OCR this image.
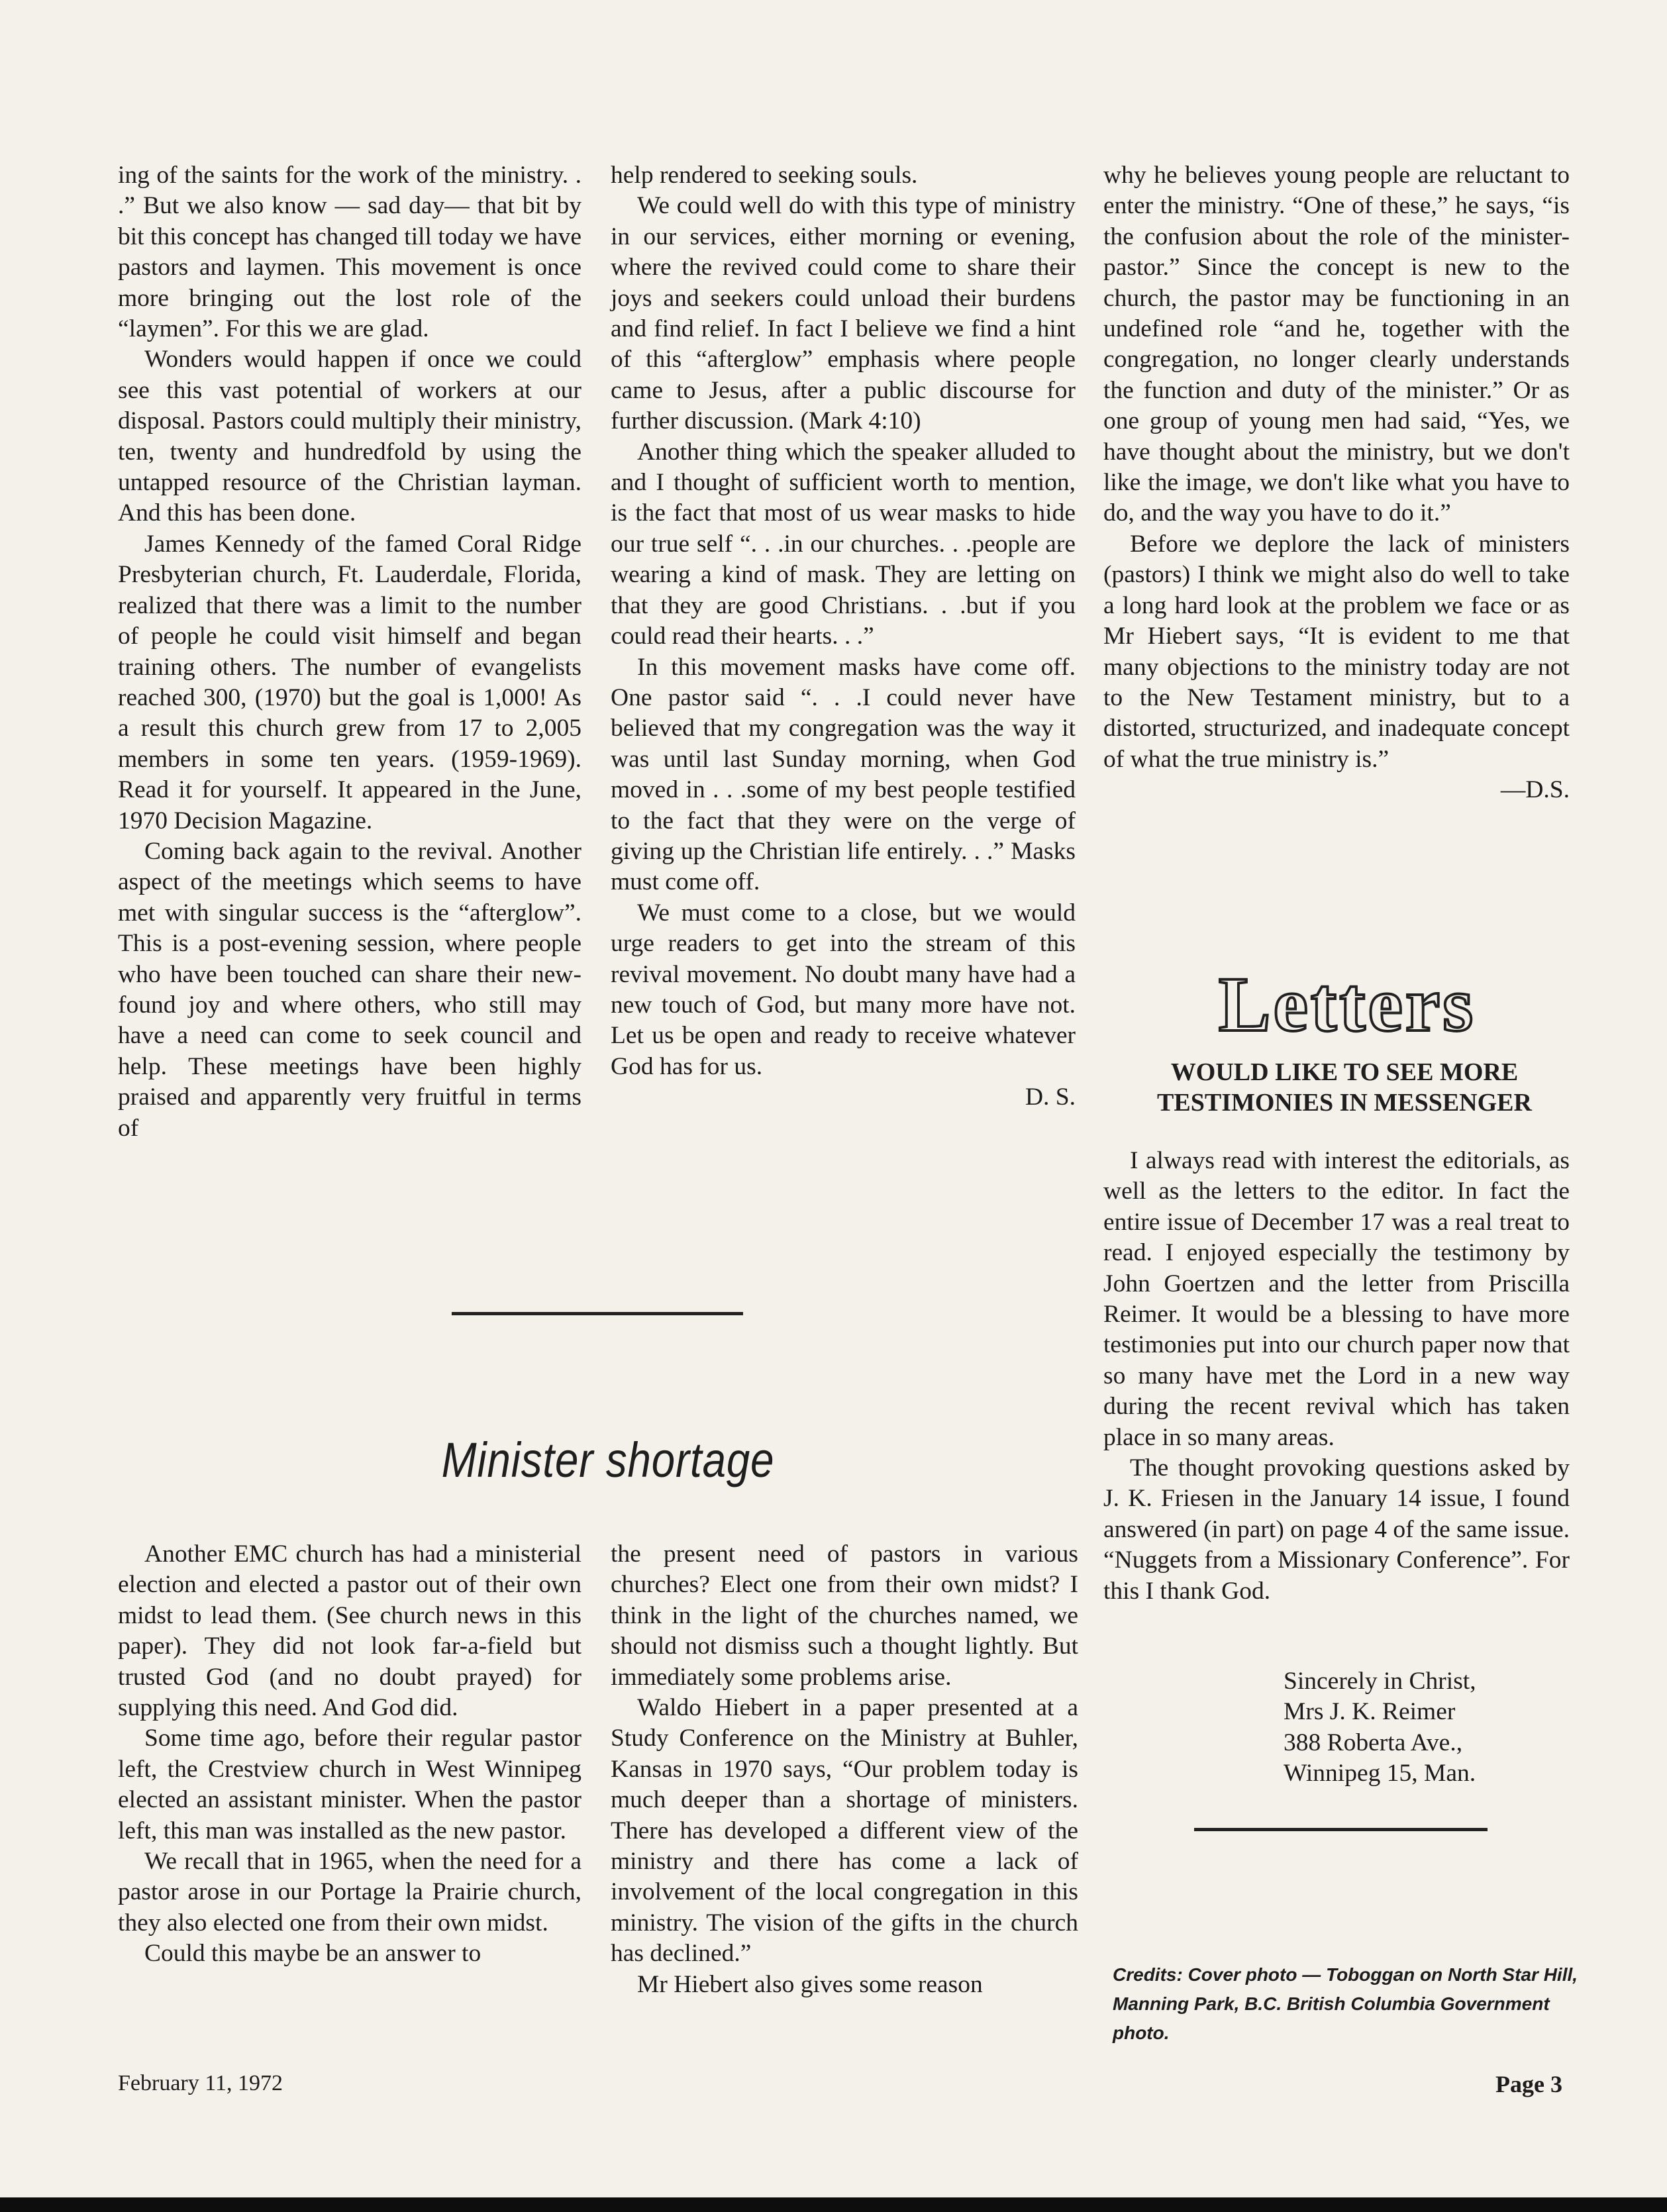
ing of the saints for the work of the ministry. . .” But we also know — sad day— that bit by bit this concept has changed till today we have pastors and laymen. This movement is once more bringing out the lost role of the “laymen”. For this we are glad.

Wonders would happen if once we could see this vast potential of workers at our disposal. Pastors could multiply their ministry, ten, twenty and hundredfold by using the untapped resource of the Christian layman. And this has been done.

James Kennedy of the famed Coral Ridge Presbyterian church, Ft. Lauderdale, Florida, realized that there was a limit to the number of people he could visit himself and began training others. The number of evangelists reached 300, (1970) but the goal is 1,000! As a result this church grew from 17 to 2,005 members in some ten years. (1959-1969). Read it for yourself. It appeared in the June, 1970 Decision Magazine.

Coming back again to the revival. Another aspect of the meetings which seems to have met with singular success is the “afterglow”. This is a post-evening session, where people who have been touched can share their new-found joy and where others, who still may have a need can come to seek council and help. These meetings have been highly praised and apparently very fruitful in terms of

help rendered to seeking souls.

We could well do with this type of ministry in our services, either morning or evening, where the revived could come to share their joys and seekers could unload their burdens and find relief. In fact I believe we find a hint of this “afterglow” emphasis where people came to Jesus, after a public discourse for further discussion. (Mark 4:10)

Another thing which the speaker alluded to and I thought of sufficient worth to mention, is the fact that most of us wear masks to hide our true self “. . .in our churches. . .people are wearing a kind of mask. They are letting on that they are good Christians. . .but if you could read their hearts. . .”

In this movement masks have come off. One pastor said “. . .I could never have believed that my congregation was the way it was until last Sunday morning, when God moved in . . .some of my best people testified to the fact that they were on the verge of giving up the Christian life entirely. . .” Masks must come off.

We must come to a close, but we would urge readers to get into the stream of this revival movement. No doubt many have had a new touch of God, but many more have not. Let us be open and ready to receive whatever God has for us.

D. S.

why he believes young people are reluctant to enter the ministry. “One of these,” he says, “is the confusion about the role of the minister-pastor.” Since the concept is new to the church, the pastor may be functioning in an undefined role “and he, together with the congregation, no longer clearly understands the function and duty of the minister.” Or as one group of young men had said, “Yes, we have thought about the ministry, but we don't like the image, we don't like what you have to do, and the way you have to do it.”

Before we deplore the lack of ministers (pastors) I think we might also do well to take a long hard look at the problem we face or as Mr Hiebert says, “It is evident to me that many objections to the ministry today are not to the New Testament ministry, but to a distorted, structurized, and inadequate concept of what the true ministry is.”

—D.S.

Minister shortage

Another EMC church has had a ministerial election and elected a pastor out of their own midst to lead them. (See church news in this paper). They did not look far-a-field but trusted God (and no doubt prayed) for supplying this need. And God did.

Some time ago, before their regular pastor left, the Crestview church in West Winnipeg elected an assistant minister. When the pastor left, this man was installed as the new pastor.

We recall that in 1965, when the need for a pastor arose in our Portage la Prairie church, they also elected one from their own midst.

Could this maybe be an answer to

the present need of pastors in various churches? Elect one from their own midst? I think in the light of the churches named, we should not dismiss such a thought lightly. But immediately some problems arise.

Waldo Hiebert in a paper presented at a Study Conference on the Ministry at Buhler, Kansas in 1970 says, “Our problem today is much deeper than a shortage of ministers. There has developed a different view of the ministry and there has come a lack of involvement of the local congregation in this ministry. The vision of the gifts in the church has declined.”

Mr Hiebert also gives some reason

Letters
WOULD LIKE TO SEE MORE TESTIMONIES IN MESSENGER

I always read with interest the editorials, as well as the letters to the editor. In fact the entire issue of December 17 was a real treat to read. I enjoyed especially the testimony by John Goertzen and the letter from Priscilla Reimer. It would be a blessing to have more testimonies put into our church paper now that so many have met the Lord in a new way during the recent revival which has taken place in so many areas.

The thought provoking questions asked by J. K. Friesen in the January 14 issue, I found answered (in part) on page 4 of the same issue. “Nuggets from a Missionary Conference”. For this I thank God.

Sincerely in Christ,
Mrs J. K. Reimer
388 Roberta Ave.,
Winnipeg 15, Man.
Credits: Cover photo — Toboggan on North Star Hill, Manning Park, B.C. British Columbia Government photo.
February 11, 1972	Page 3
